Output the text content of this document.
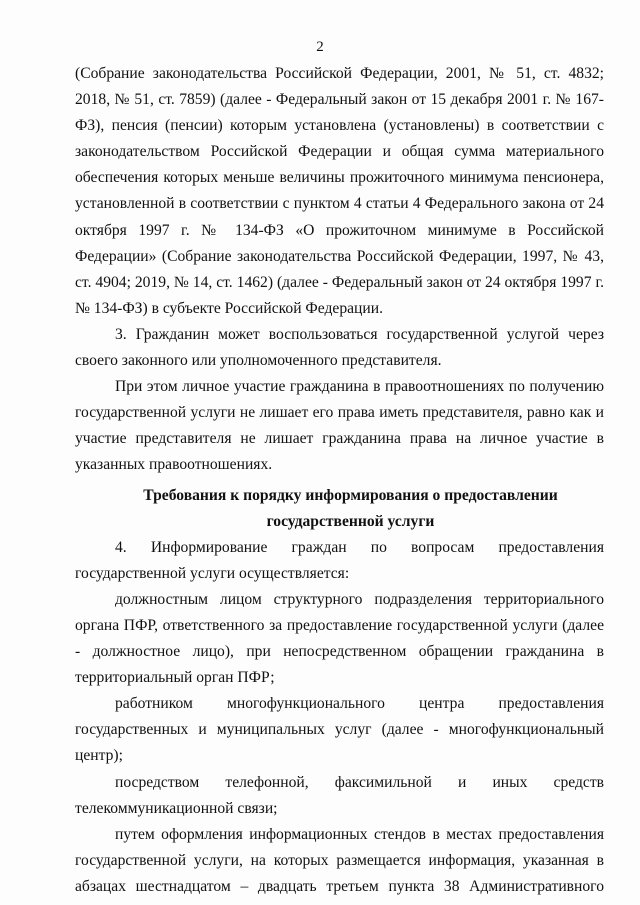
2

(Собрание законодательства Российской Федерации, 2001, № 51, ст. 4832; 2018, № 51, ст. 7859) (далее - Федеральный закон от 15 декабря 2001 г. № 167-ФЗ), пенсия (пенсии) которым установлена (установлены) в соответствии с законодательством Российской Федерации и общая сумма материального обеспечения которых меньше величины прожиточного минимума пенсионера, установленной в соответствии с пунктом 4 статьи 4 Федерального закона от 24 октября 1997 г. № 134-ФЗ «О прожиточном минимуме в Российской Федерации» (Собрание законодательства Российской Федерации, 1997, № 43, ст. 4904; 2019, № 14, ст. 1462) (далее - Федеральный закон от 24 октября 1997 г. № 134-ФЗ) в субъекте Российской Федерации.

3. Гражданин может воспользоваться государственной услугой через своего законного или уполномоченного представителя.

При этом личное участие гражданина в правоотношениях по получению государственной услуги не лишает его права иметь представителя, равно как и участие представителя не лишает гражданина права на личное участие в указанных правоотношениях.

Требования к порядку информирования о предоставлении

государственной услуги

4. Информирование граждан по вопросам предоставления государственной услуги осуществляется:

должностным лицом структурного подразделения территориального органа ПФР, ответственного за предоставление государственной услуги (далее - должностное лицо), при непосредственном обращении гражданина в территориальный орган ПФР;

работником многофункционального центра предоставления государственных и муниципальных услуг (далее - многофункциональный центр);

посредством телефонной, факсимильной и иных средств телекоммуникационной связи;

путем оформления информационных стендов в местах предоставления государственной услуги, на которых размещается информация, указанная в абзацах шестнадцатом – двадцать третьем пункта 38 Административного
